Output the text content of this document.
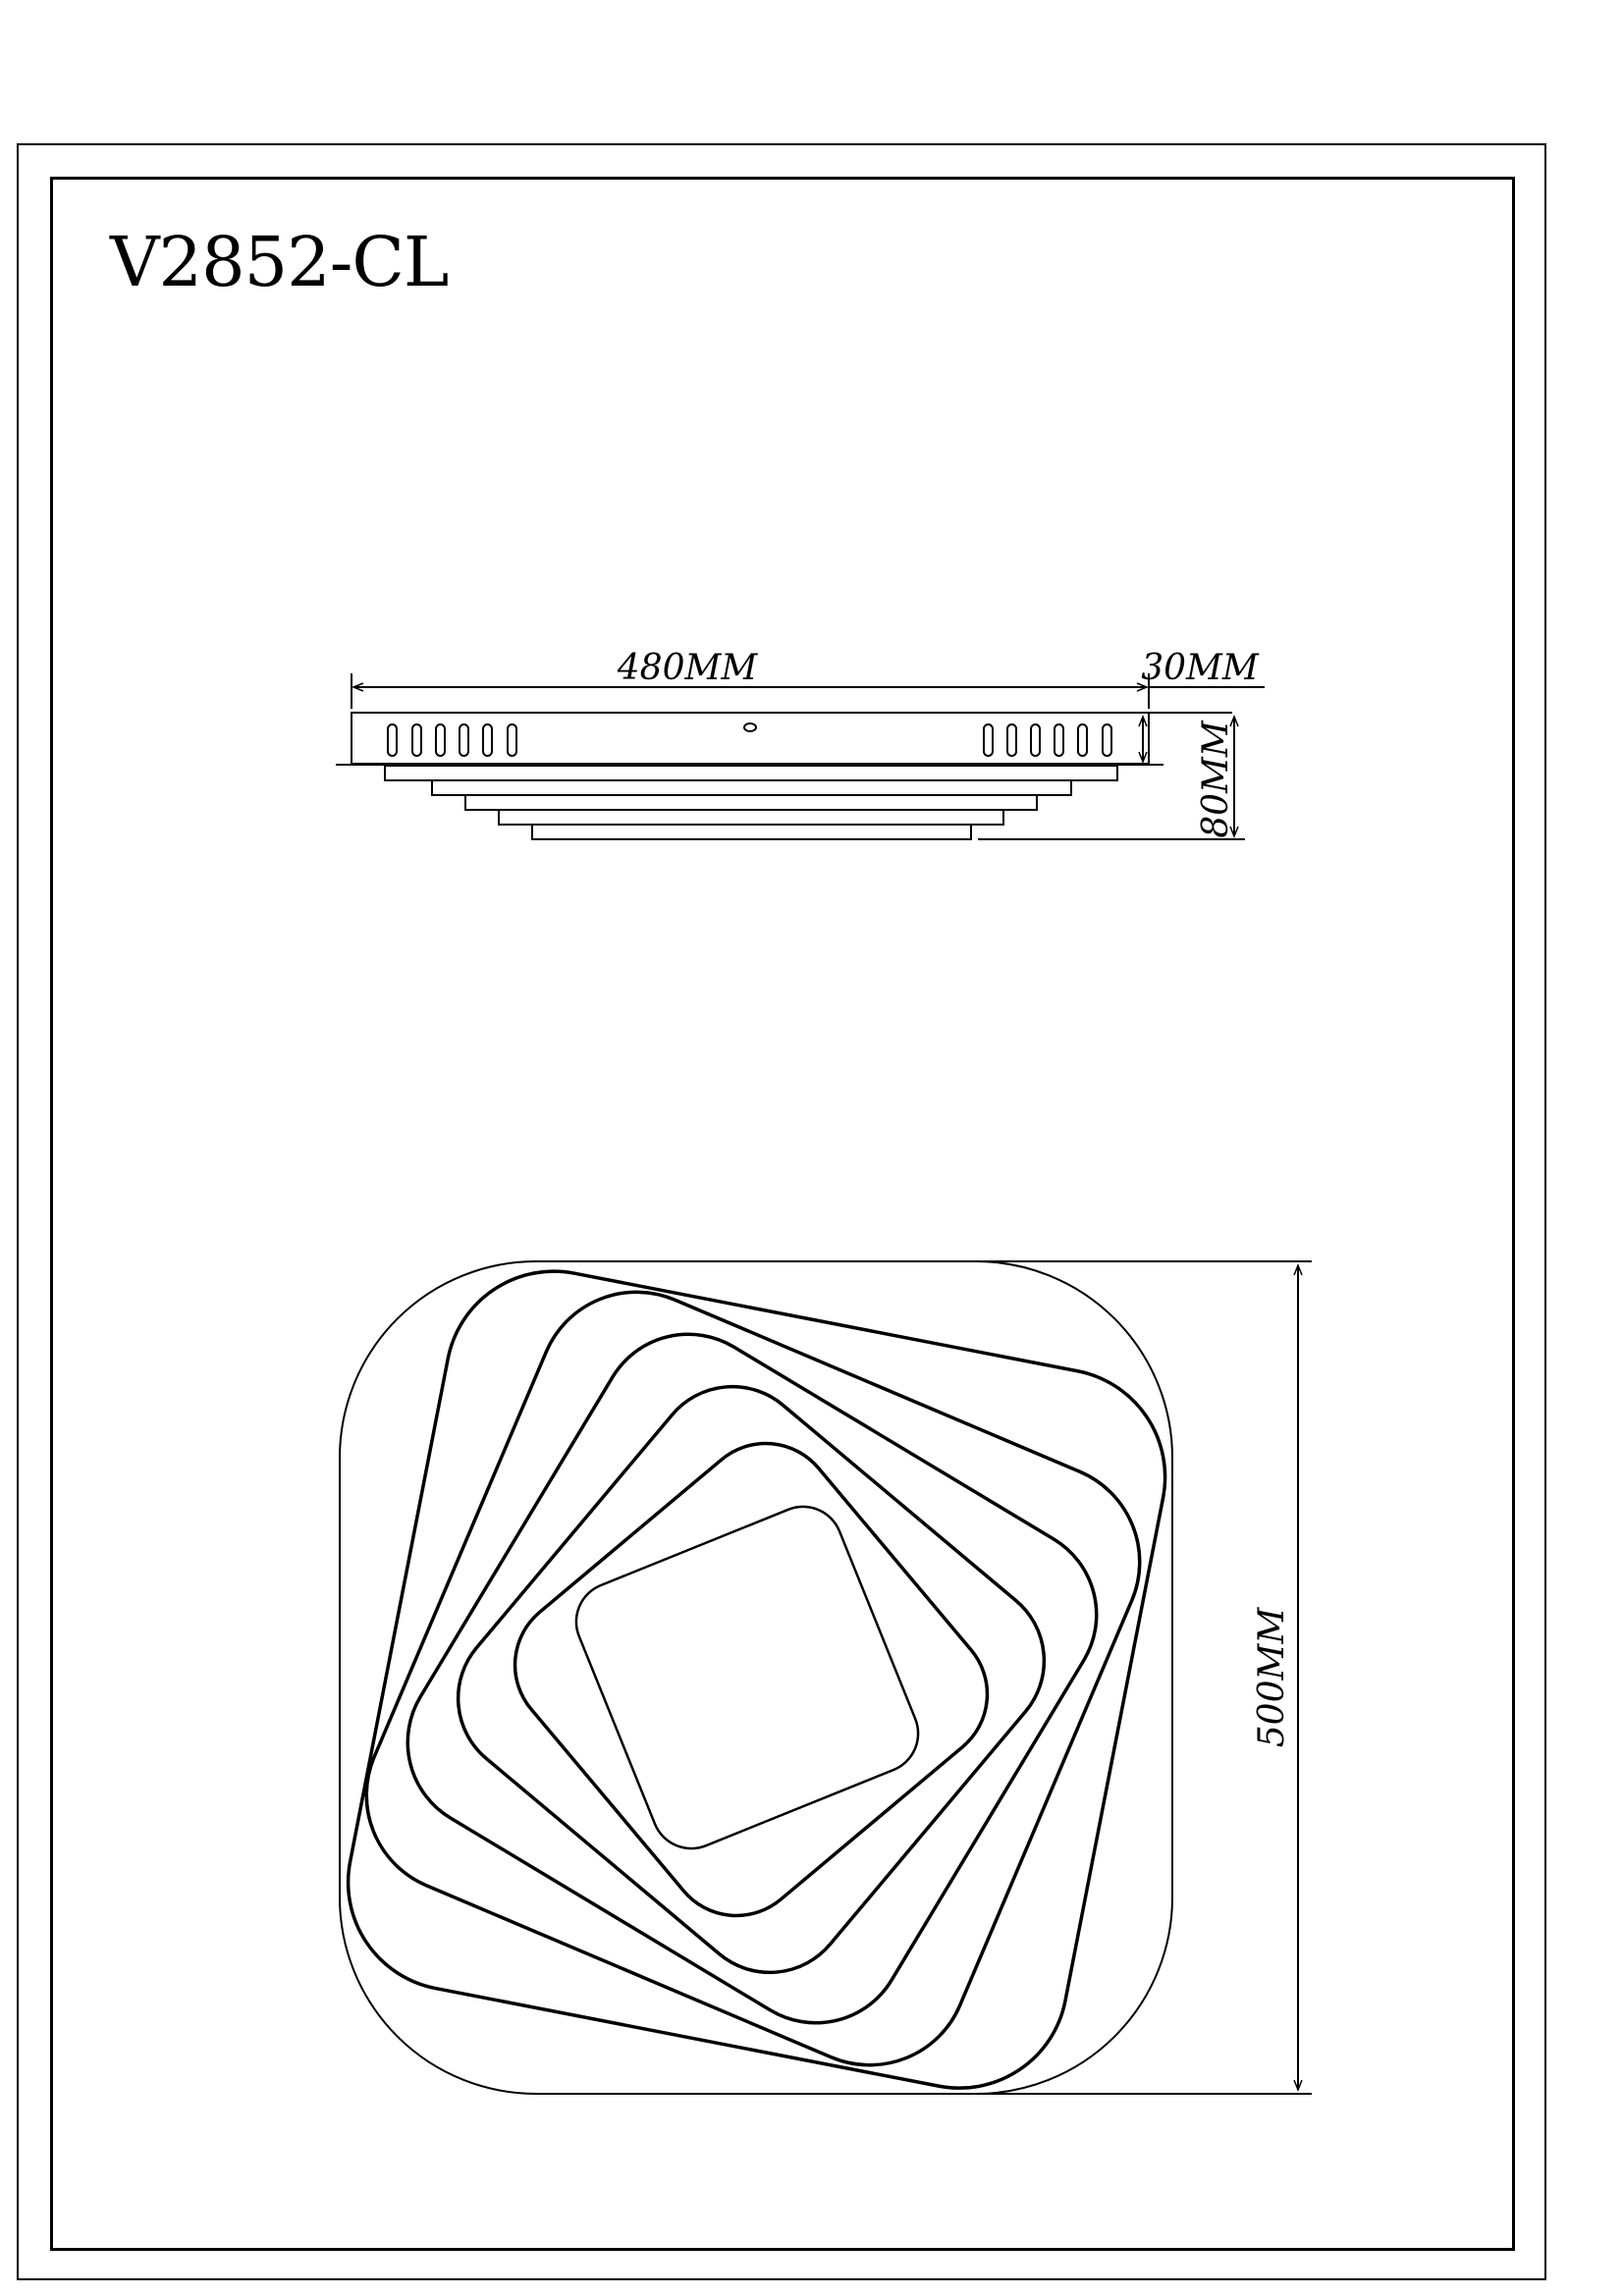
V2852-CL
480MM	30MM
80MM
500MM
